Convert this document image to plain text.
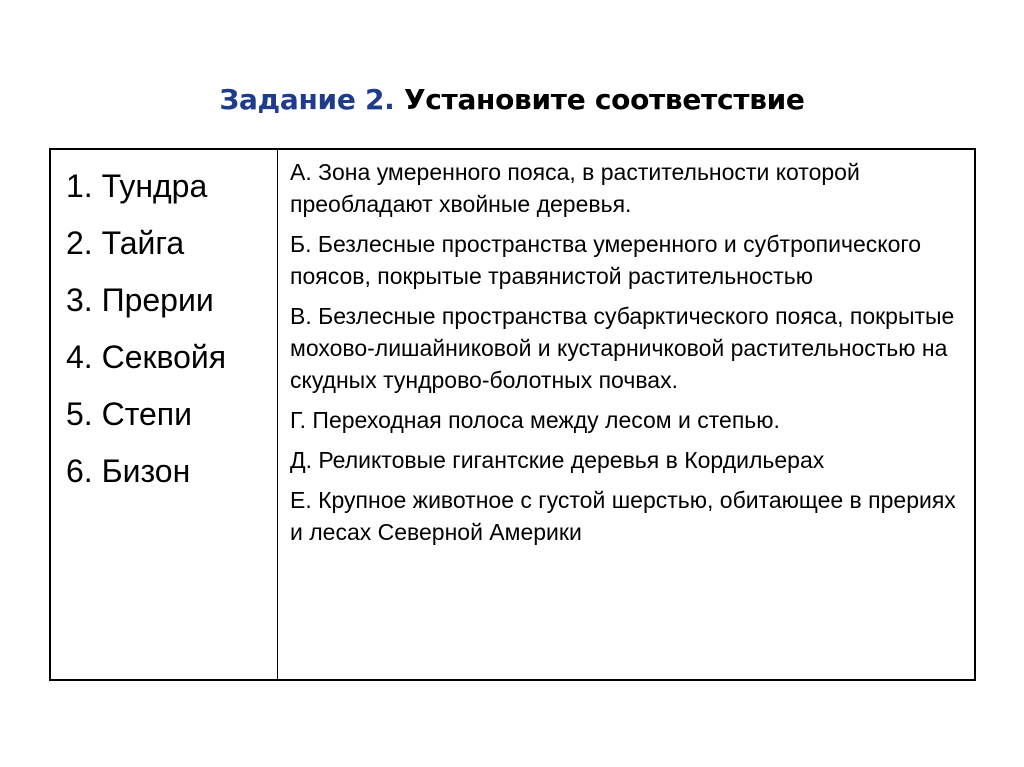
Задание 2. Установите соответствие
1. Тундра
2. Тайга
3. Прерии
4. Секвойя
5. Степи
6. Бизон
А. Зона умеренного пояса, в растительности которой преобладают хвойные деревья.
Б. Безлесные пространства умеренного и субтропического поясов, покрытые травянистой растительностью
В. Безлесные пространства субарктического пояса, покрытые мохово-лишайниковой и кустарничковой растительностью на скудных тундрово-болотных почвах.
Г. Переходная полоса между лесом и степью.
Д. Реликтовые гигантские деревья в Кордильерах
Е. Крупное животное с густой шерстью, обитающее в прериях и лесах Северной Америки
